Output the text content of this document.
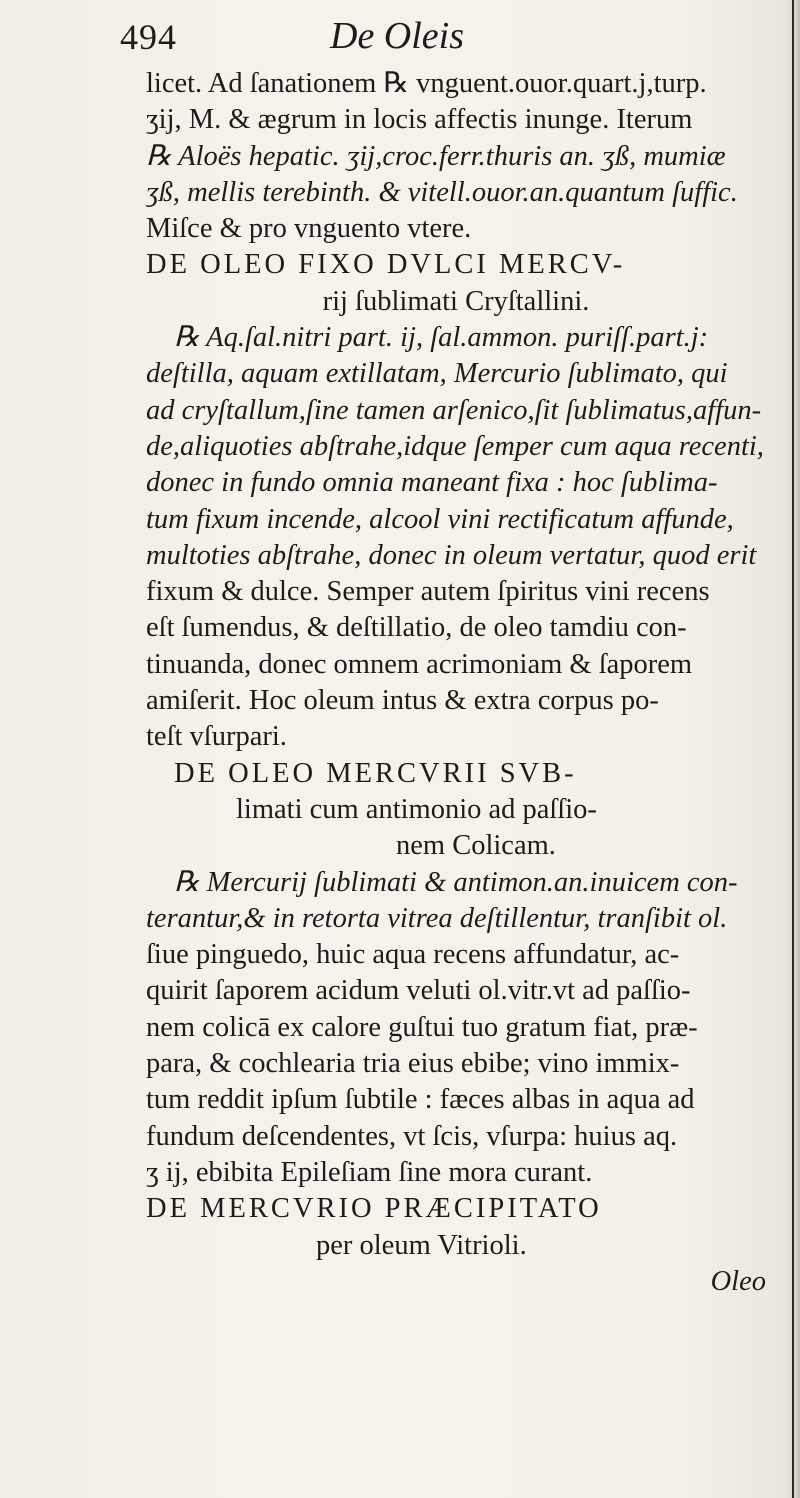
494	De Oleis
licet. Ad ſanationem ℞ vnguent.ouor.quart.j,turp.
ʒij, M. & ægrum in locis affectis inunge. Iterum
℞ Aloës hepatic. ʒij,croc.ferr.thuris an. ʒß, mumiæ
ʒß, mellis terebinth. & vitell.ouor.an.quantum ſuffic.
Miſce & pro vnguento vtere.
DE OLEO FIXO DVLCI MERCV-
rij ſublimati Cryſtallini.
℞ Aq.ſal.nitri part. ij, ſal.ammon. puriſſ.part.j:
deſtilla, aquam extillatam, Mercurio ſublimato, qui
ad cryſtallum,ſine tamen arſenico,ſit ſublimatus,affun-
de,aliquoties abſtrahe,idque ſemper cum aqua recenti,
donec in fundo omnia maneant fixa : hoc ſublima-
tum fixum incende, alcool vini rectificatum affunde,
multoties abſtrahe, donec in oleum vertatur, quod erit
fixum & dulce. Semper autem ſpiritus vini recens
eſt ſumendus, & deſtillatio, de oleo tamdiu con-
tinuanda, donec omnem acrimoniam & ſaporem
amiſerit. Hoc oleum intus & extra corpus po-
teſt vſurpari.
DE OLEO MERCVRII SVB-
limati cum antimonio ad paſſio-
nem Colicam.
℞ Mercurij ſublimati & antimon.an.inuicem con-
terantur,& in retorta vitrea deſtillentur, tranſibit ol.
ſiue pinguedo, huic aqua recens affundatur, ac-
quirit ſaporem acidum veluti ol.vitr.vt ad paſſio-
nem colicā ex calore guſtui tuo gratum fiat, præ-
para, & cochlearia tria eius ebibe; vino immix-
tum reddit ipſum ſubtile : fæces albas in aqua ad
fundum deſcendentes, vt ſcis, vſurpa: huius aq.
ʒ ij, ebibita Epileſiam ſine mora curant.
DE MERCVRIO PRÆCIPITATO
per oleum Vitrioli.
Oleo
